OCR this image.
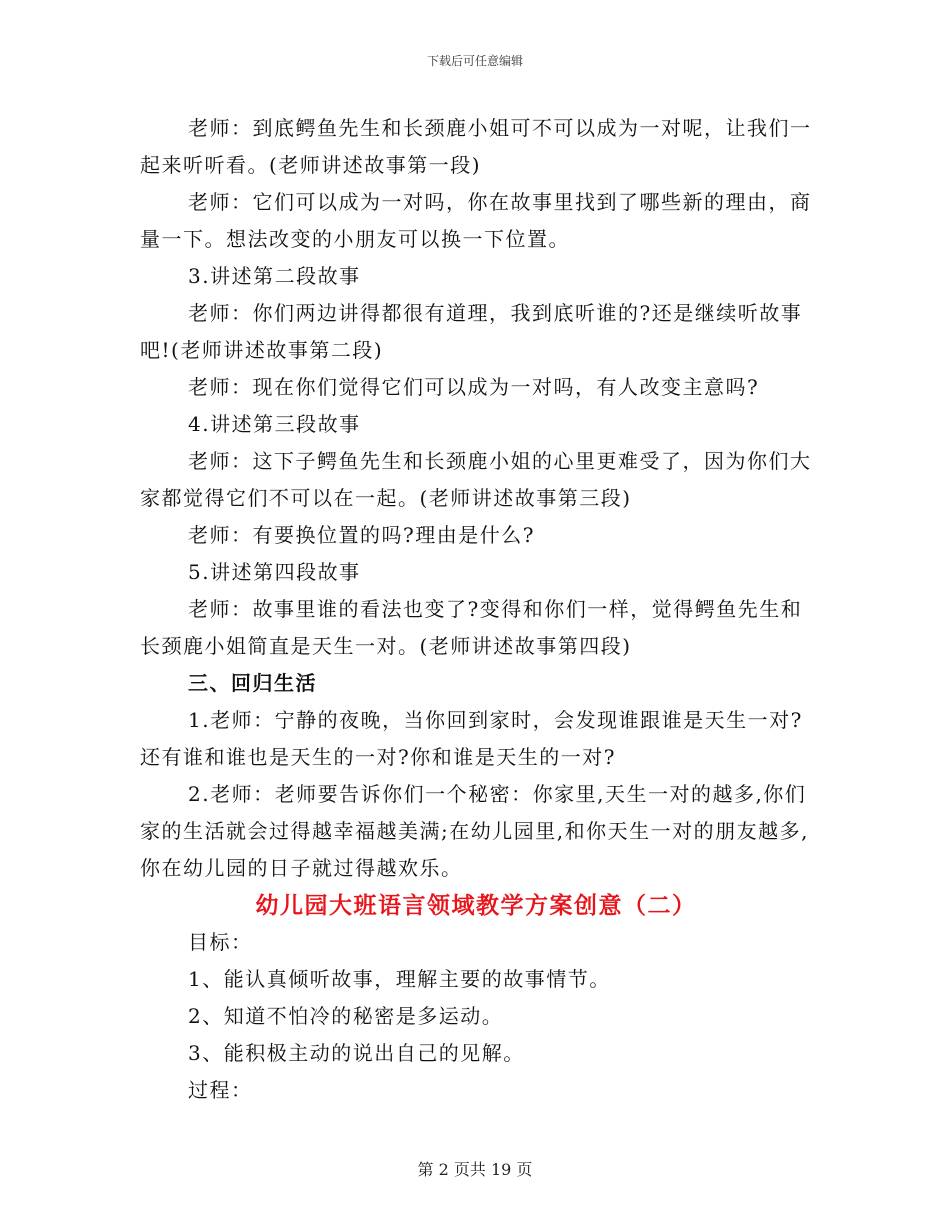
下载后可任意编辑

老师：到底鳄鱼先生和长颈鹿小姐可不可以成为一对呢，让我们一起来听听看。(老师讲述故事第一段)

老师：它们可以成为一对吗，你在故事里找到了哪些新的理由，商量一下。想法改变的小朋友可以换一下位置。

3.讲述第二段故事

老师：你们两边讲得都很有道理，我到底听谁的?还是继续听故事吧!(老师讲述故事第二段)

老师：现在你们觉得它们可以成为一对吗，有人改变主意吗?

4.讲述第三段故事

老师：这下子鳄鱼先生和长颈鹿小姐的心里更难受了，因为你们大家都觉得它们不可以在一起。(老师讲述故事第三段)

老师：有要换位置的吗?理由是什么?

5.讲述第四段故事

老师：故事里谁的看法也变了?变得和你们一样，觉得鳄鱼先生和长颈鹿小姐简直是天生一对。(老师讲述故事第四段)

三、回归生活

1.老师：宁静的夜晚，当你回到家时，会发现谁跟谁是天生一对?还有谁和谁也是天生的一对?你和谁是天生的一对?

2.老师：老师要告诉你们一个秘密：你家里,天生一对的越多,你们家的生活就会过得越幸福越美满;在幼儿园里,和你天生一对的朋友越多,你在幼儿园的日子就过得越欢乐。

幼儿园大班语言领域教学方案创意（二）

目标：

1、能认真倾听故事，理解主要的故事情节。

2、知道不怕冷的秘密是多运动。

3、能积极主动的说出自己的见解。

过程：

第 2 页共 19 页
